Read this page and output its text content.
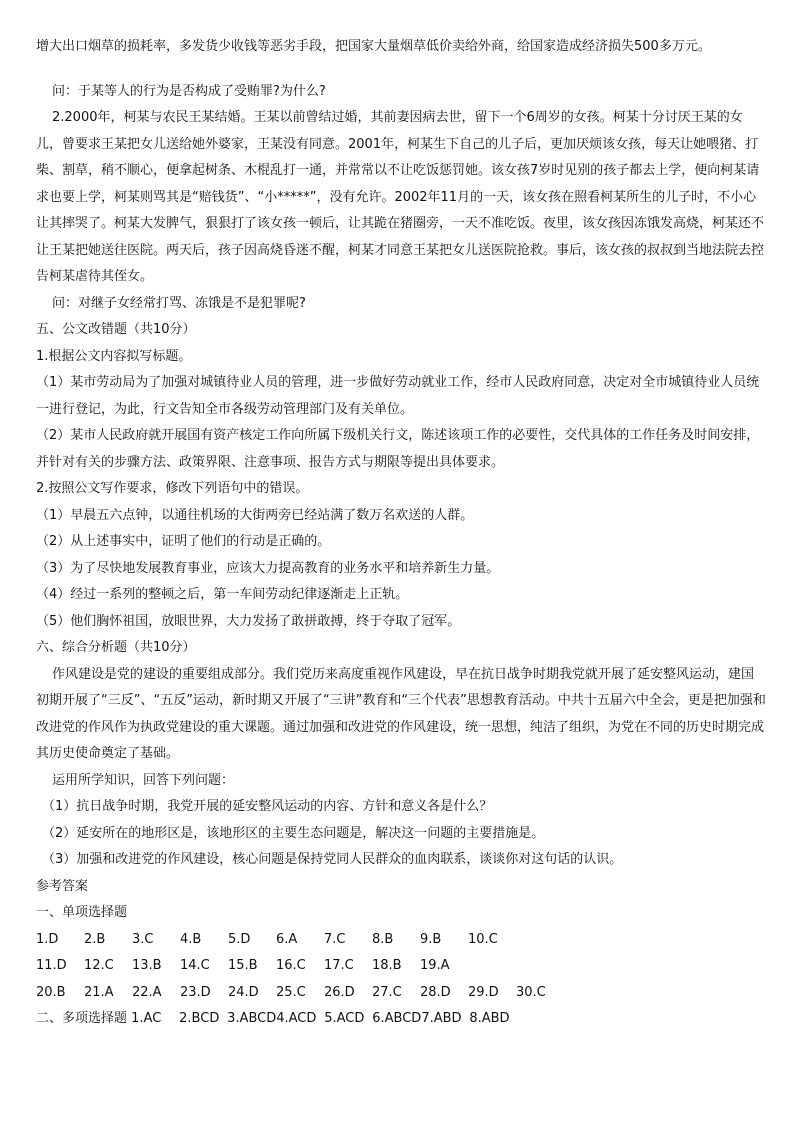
增大出口烟草的损耗率，多发货少收钱等恶劣手段，把国家大量烟草低价卖给外商，给国家造成经济损失500多万元。

问：于某等人的行为是否构成了受贿罪?为什么?

2.2000年，柯某与农民王某结婚。王某以前曾结过婚，其前妻因病去世，留下一个6周岁的女孩。柯某十分讨厌王某的女儿，曾要求王某把女儿送给她外婆家，王某没有同意。2001年，柯某生下自己的儿子后，更加厌烦该女孩，每天让她喂猪、打柴、割草，稍不顺心，便拿起树条、木棍乱打一通，并常常以不让吃饭惩罚她。该女孩7岁时见别的孩子都去上学，便向柯某请求也要上学，柯某则骂其是“赔钱货”、“小*****”，没有允许。2002年11月的一天，该女孩在照看柯某所生的儿子时，不小心让其摔哭了。柯某大发脾气，狠狠打了该女孩一顿后，让其跪在猪圈旁，一天不准吃饭。夜里，该女孩因冻饿发高烧，柯某还不让王某把她送往医院。两天后，孩子因高烧昏迷不醒，柯某才同意王某把女儿送医院抢救。事后，该女孩的叔叔到当地法院去控告柯某虐待其侄女。

问：对继子女经常打骂、冻饿是不是犯罪呢?

五、公文改错题（共10分）

1.根据公文内容拟写标题。

（1）某市劳动局为了加强对城镇待业人员的管理，进一步做好劳动就业工作，经市人民政府同意，决定对全市城镇待业人员统一进行登记，为此，行文告知全市各级劳动管理部门及有关单位。

（2）某市人民政府就开展国有资产核定工作向所属下级机关行文，陈述该项工作的必要性，交代具体的工作任务及时间安排，并针对有关的步骤方法、政策界限、注意事项、报告方式与期限等提出具体要求。

2.按照公文写作要求，修改下列语句中的错误。

（1）早晨五六点钟，以通往机场的大街两旁已经站满了数万名欢送的人群。

（2）从上述事实中，证明了他们的行动是正确的。

（3）为了尽快地发展教育事业，应该大力提高教育的业务水平和培养新生力量。

（4）经过一系列的整顿之后，第一车间劳动纪律逐渐走上正轨。

（5）他们胸怀祖国，放眼世界，大力发扬了敢拼敢搏，终于夺取了冠军。

六、综合分析题（共10分）

作风建设是党的建设的重要组成部分。我们党历来高度重视作风建设，早在抗日战争时期我党就开展了延安整风运动，建国初期开展了“三反”、“五反”运动，新时期又开展了“三讲”教育和“三个代表”思想教育活动。中共十五届六中全会，更是把加强和改进党的作风作为执政党建设的重大课题。通过加强和改进党的作风建设，统一思想，纯洁了组织，为党在不同的历史时期完成其历史使命奠定了基础。

运用所学知识，回答下列问题：

（1）抗日战争时期，我党开展的延安整风运动的内容、方针和意义各是什么？

（2）延安所在的地形区是，该地形区的主要生态问题是，解决这一问题的主要措施是。

（3）加强和改进党的作风建设，核心问题是保持党同人民群众的血肉联系，谈谈你对这句话的认识。

参考答案

一、单项选择题

1.D 2.B 3.C 4.B 5.D 6.A 7.C 8.B 9.B 10.C

11.D 12.C 13.B 14.C 15.B 16.C 17.C 18.B 19.A

20.B 21.A 22.A 23.D 24.D 25.C 26.D 27.C 28.D 29.D 30.C

二、多项选择题 1.AC 2.BCD 3.ABCD4.ACD 5.ACD 6.ABCD7.ABD 8.ABD
